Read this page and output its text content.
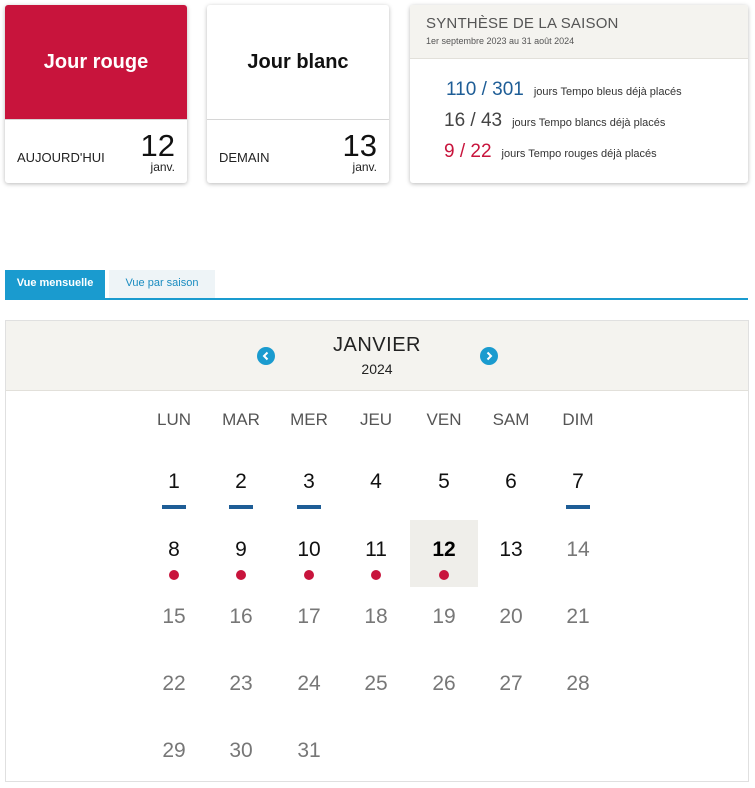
Jour rouge
AUJOURD'HUI 12
janv.
Jour blanc
DEMAIN 13
janv.
SYNTHÈSE DE LA SAISON
1er septembre 2023 au 31 août 2024
110 / 301 jours Tempo bleus déjà placés
16 / 43 jours Tempo blancs déjà placés
9 / 22 jours Tempo rouges déjà placés
Vue mensuelle	Vue par saison
JANVIER
2024
LUN	MAR	MER	JEU	VEN	SAM	DIM
1	2	3	4	5	6	7
8	9	10	11	12	13	14
15	16	17	18	19	20	21
22	23	24	25	26	27	28
29	30	31
